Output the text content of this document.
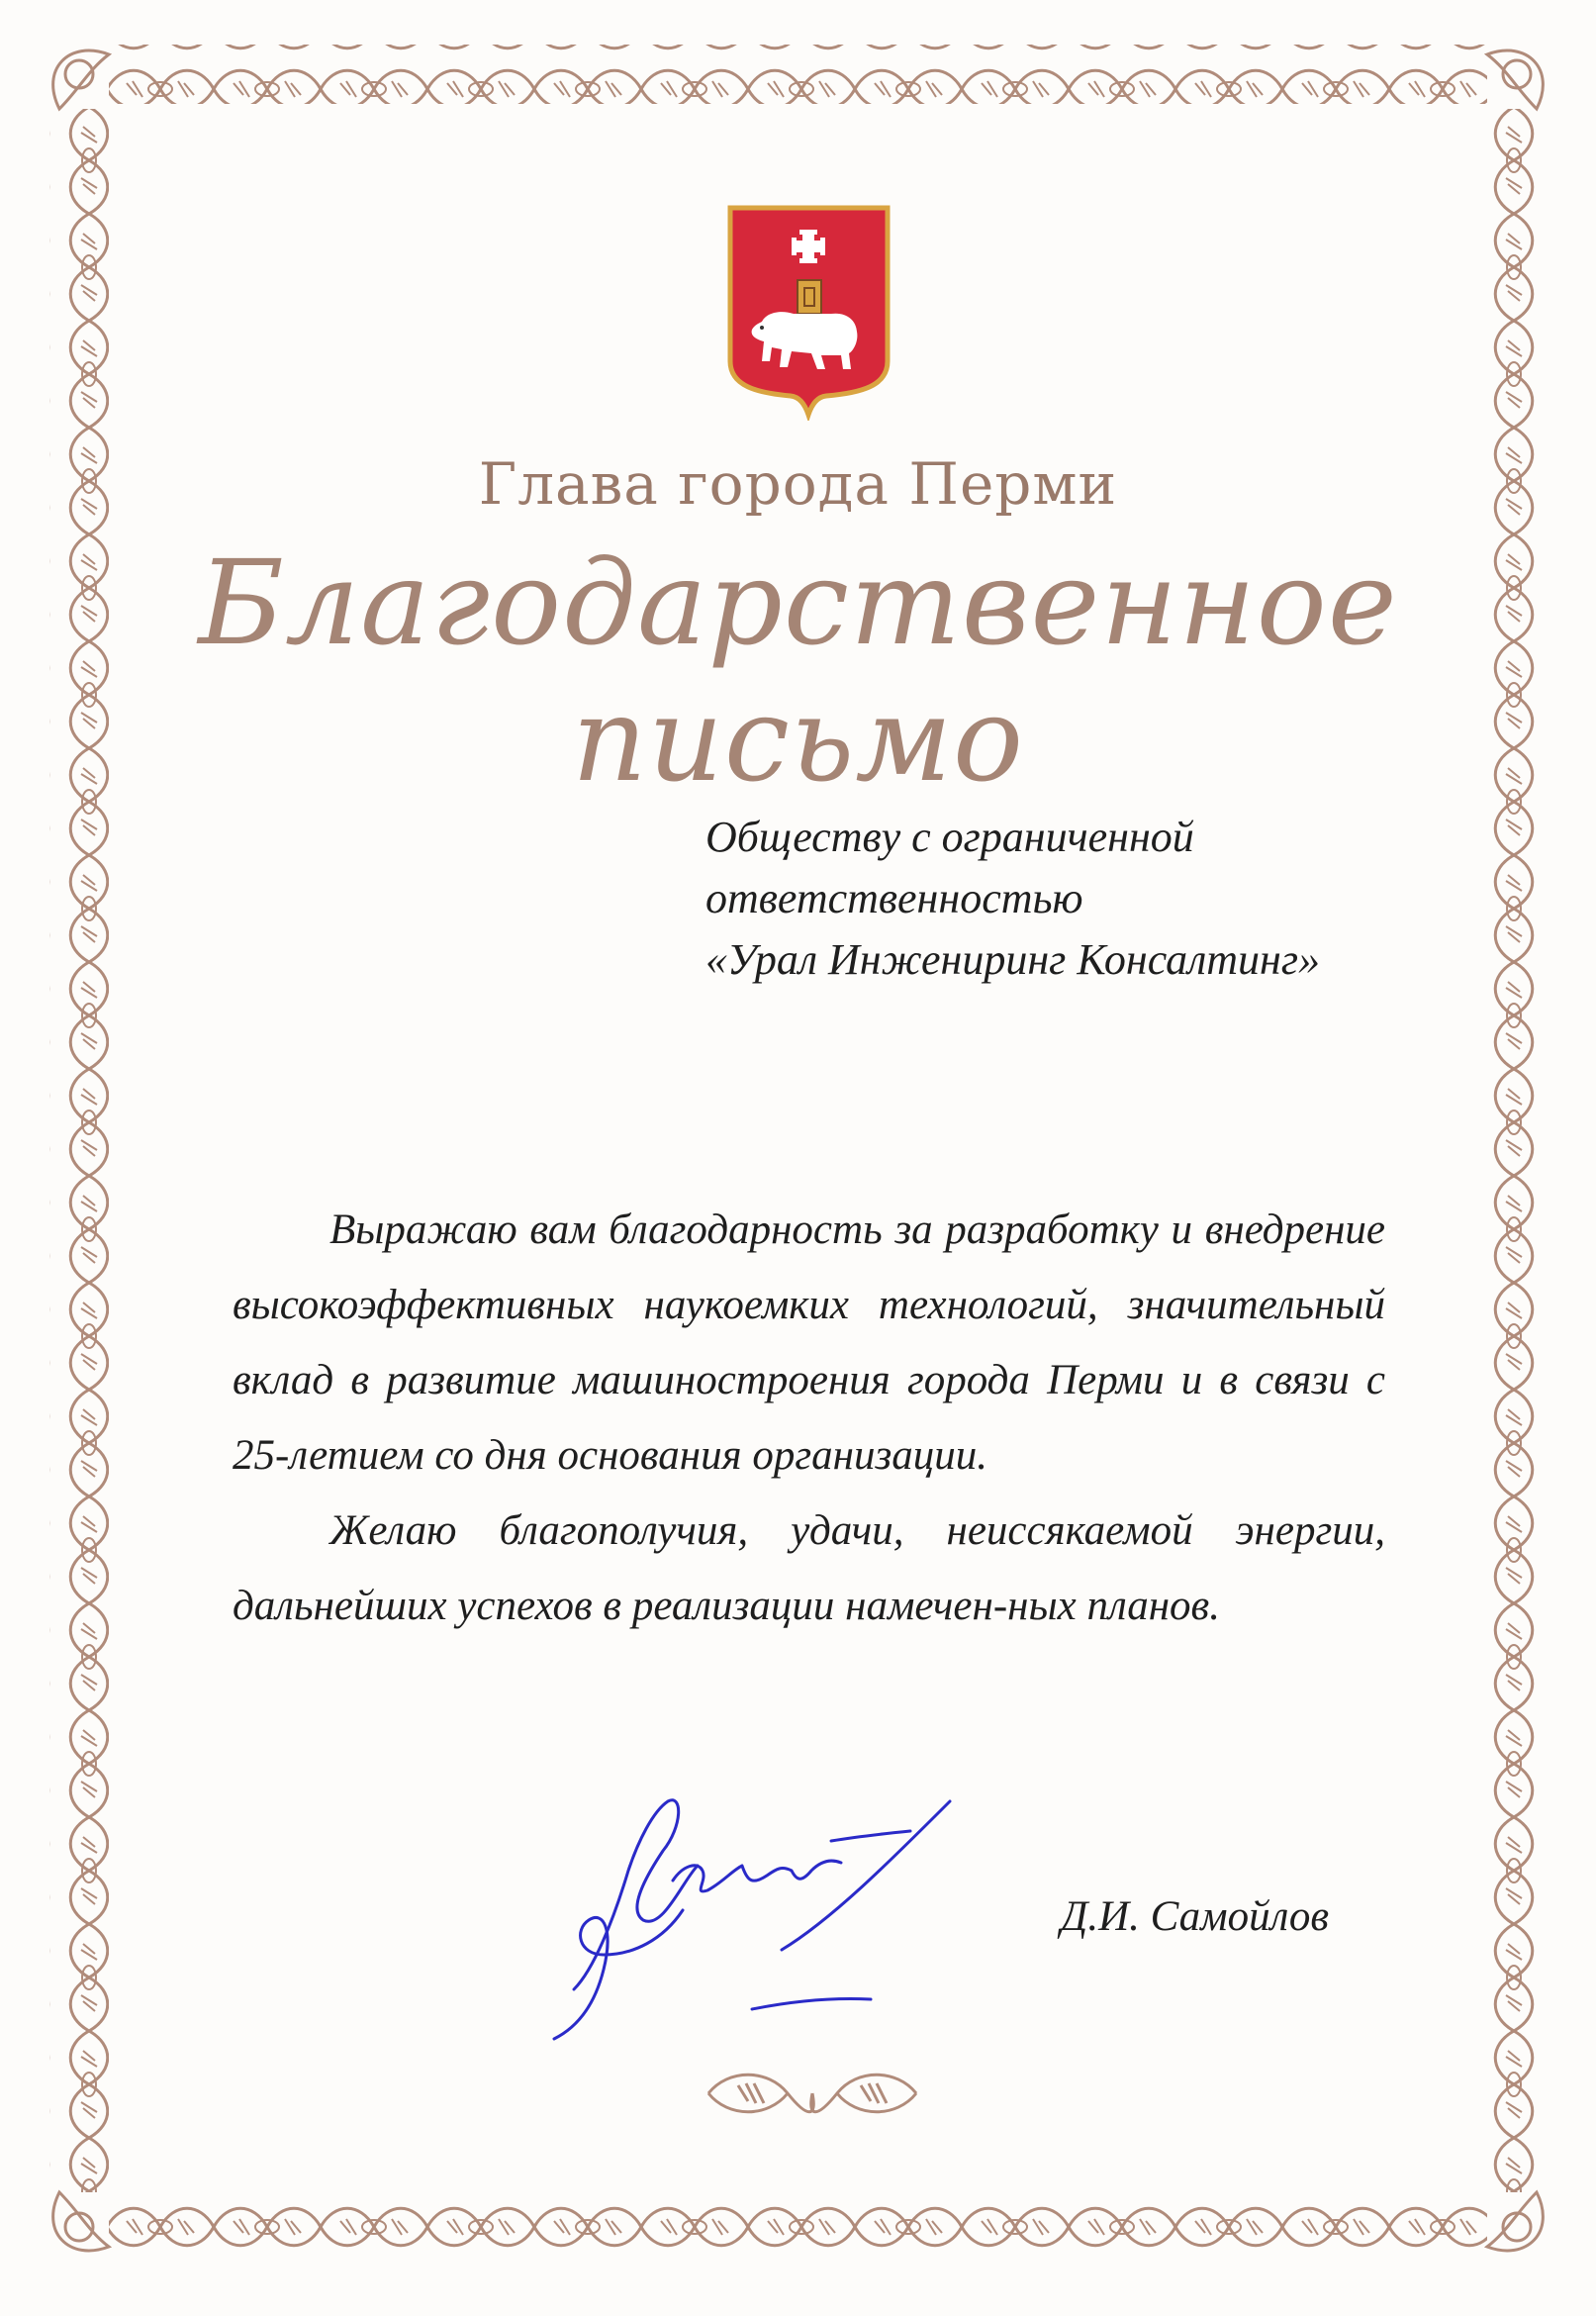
Глава города Перми
Благодарственное письмо
Обществу с ограниченной
ответственностью
«Урал Инжениринг Консалтинг»

Выражаю вам благодарность за разработку и внедрение высокоэффективных наукоемких технологий, значительный вклад в развитие машиностроения города Перми и в связи с 25-летием со дня основания организации.

Желаю благополучия, удачи, неиссякаемой энергии, дальнейших успехов в реализации намечен-ных планов.

Д.И. Самойлов
